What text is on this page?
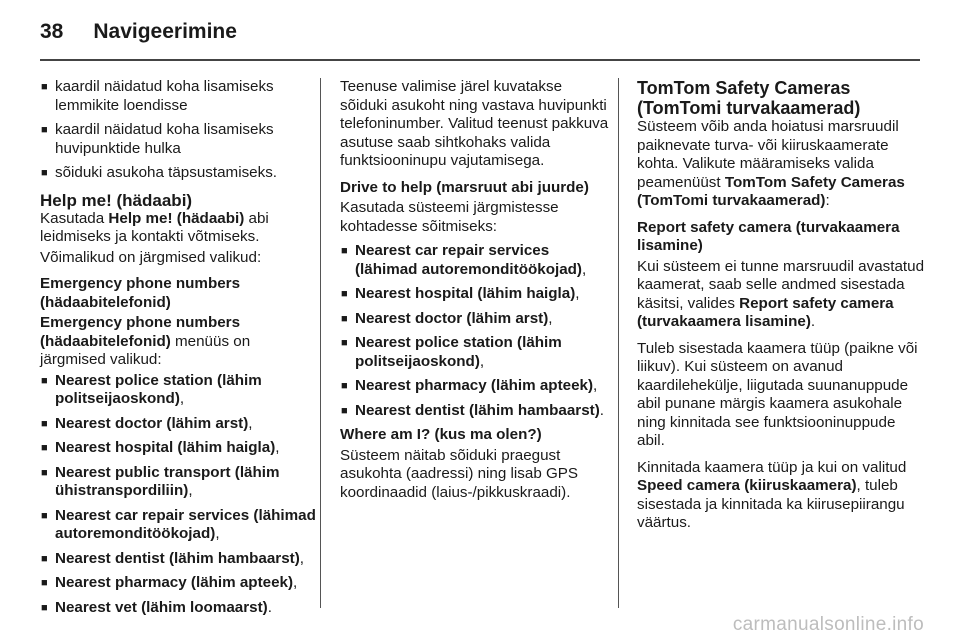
38 Navigeerimine
■ kaardil näidatud koha lisamiseks lemmikite loendisse
■ kaardil näidatud koha lisamiseks huvipunktide hulka
■ sõiduki asukoha täpsustamiseks.
Help me! (hädaabi)

Kasutada Help me! (hädaabi) abi leidmiseks ja kontakti võtmiseks.

Võimalikud on järgmised valikud:

Emergency phone numbers (hädaabitelefonid)

Emergency phone numbers (hädaabitelefonid) menüüs on järgmised valikud:

■ Nearest police station (lähim politseijaoskond),
■ Nearest doctor (lähim arst),
■ Nearest hospital (lähim haigla),
■ Nearest public transport (lähim ühistranspordiliin),
■ Nearest car repair services (lähimad autoremonditöökojad),
■ Nearest dentist (lähim hambaarst),
■ Nearest pharmacy (lähim apteek),
■ Nearest vet (lähim loomaarst).

Teenuse valimise järel kuvatakse sõiduki asukoht ning vastava huvipunkti telefoninumber. Valitud teenust pakkuva asutuse saab sihtkohaks valida funktsiooninupu vajutamisega.

Drive to help (marsruut abi juurde)

Kasutada süsteemi järgmistesse kohtadesse sõitmiseks:

■ Nearest car repair services (lähimad autoremonditöökojad),
■ Nearest hospital (lähim haigla),
■ Nearest doctor (lähim arst),
■ Nearest police station (lähim politseijaoskond),
■ Nearest pharmacy (lähim apteek),
■ Nearest dentist (lähim hambaarst).

Where am I? (kus ma olen?)

Süsteem näitab sõiduki praegust asukohta (aadressi) ning lisab GPS koordinaadid (laius-/pikkuskraadi).

TomTom Safety Cameras (TomTomi turvakaamerad)

Süsteem võib anda hoiatusi marsruudil paiknevate turva- või kiiruskaamerate kohta. Valikute määramiseks valida peamenüüst TomTom Safety Cameras (TomTomi turvakaamerad):

Report safety camera (turvakaamera lisamine)

Kui süsteem ei tunne marsruudil avastatud kaamerat, saab selle andmed sisestada käsitsi, valides Report safety camera (turvakaamera lisamine).

Tuleb sisestada kaamera tüüp (paikne või liikuv). Kui süsteem on avanud kaardilehekülje, liigutada suunanuppude abil punane märgis kaamera asukohale ning kinnitada see funktsiooninuppude abil.

Kinnitada kaamera tüüp ja kui on valitud Speed camera (kiiruskaamera), tuleb sisestada ja kinnitada ka kiirusepiirangu väärtus.

carmanualsonline.info
